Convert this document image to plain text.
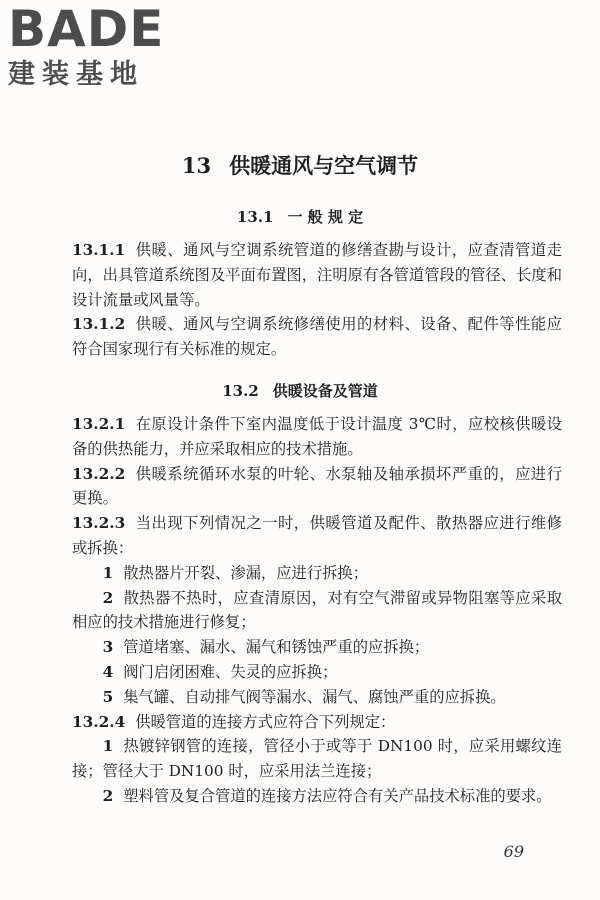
BADE
建装基地
13 供暖通风与空气调节
13.1 一 般 规 定

13.1.1 供暖、通风与空调系统管道的修缮查勘与设计，应查清管道走向，出具管道系统图及平面布置图，注明原有各管道管段的管径、长度和设计流量或风量等。

13.1.2 供暖、通风与空调系统修缮使用的材料、设备、配件等性能应符合国家现行有关标准的规定。

13.2 供暖设备及管道

13.2.1 在原设计条件下室内温度低于设计温度 3℃时，应校核供暖设备的供热能力，并应采取相应的技术措施。

13.2.2 供暖系统循环水泵的叶轮、水泵轴及轴承损坏严重的，应进行更换。

13.2.3 当出现下列情况之一时，供暖管道及配件、散热器应进行维修或拆换：

1 散热器片开裂、渗漏，应进行拆换；

2 散热器不热时，应查清原因，对有空气滞留或异物阻塞等应采取相应的技术措施进行修复；

3 管道堵塞、漏水、漏气和锈蚀严重的应拆换；

4 阀门启闭困难、失灵的应拆换；

5 集气罐、自动排气阀等漏水、漏气、腐蚀严重的应拆换。

13.2.4 供暖管道的连接方式应符合下列规定：

1 热镀锌钢管的连接，管径小于或等于 DN100 时，应采用螺纹连接；管径大于 DN100 时，应采用法兰连接；

2 塑料管及复合管道的连接方法应符合有关产品技术标准的要求。

69
